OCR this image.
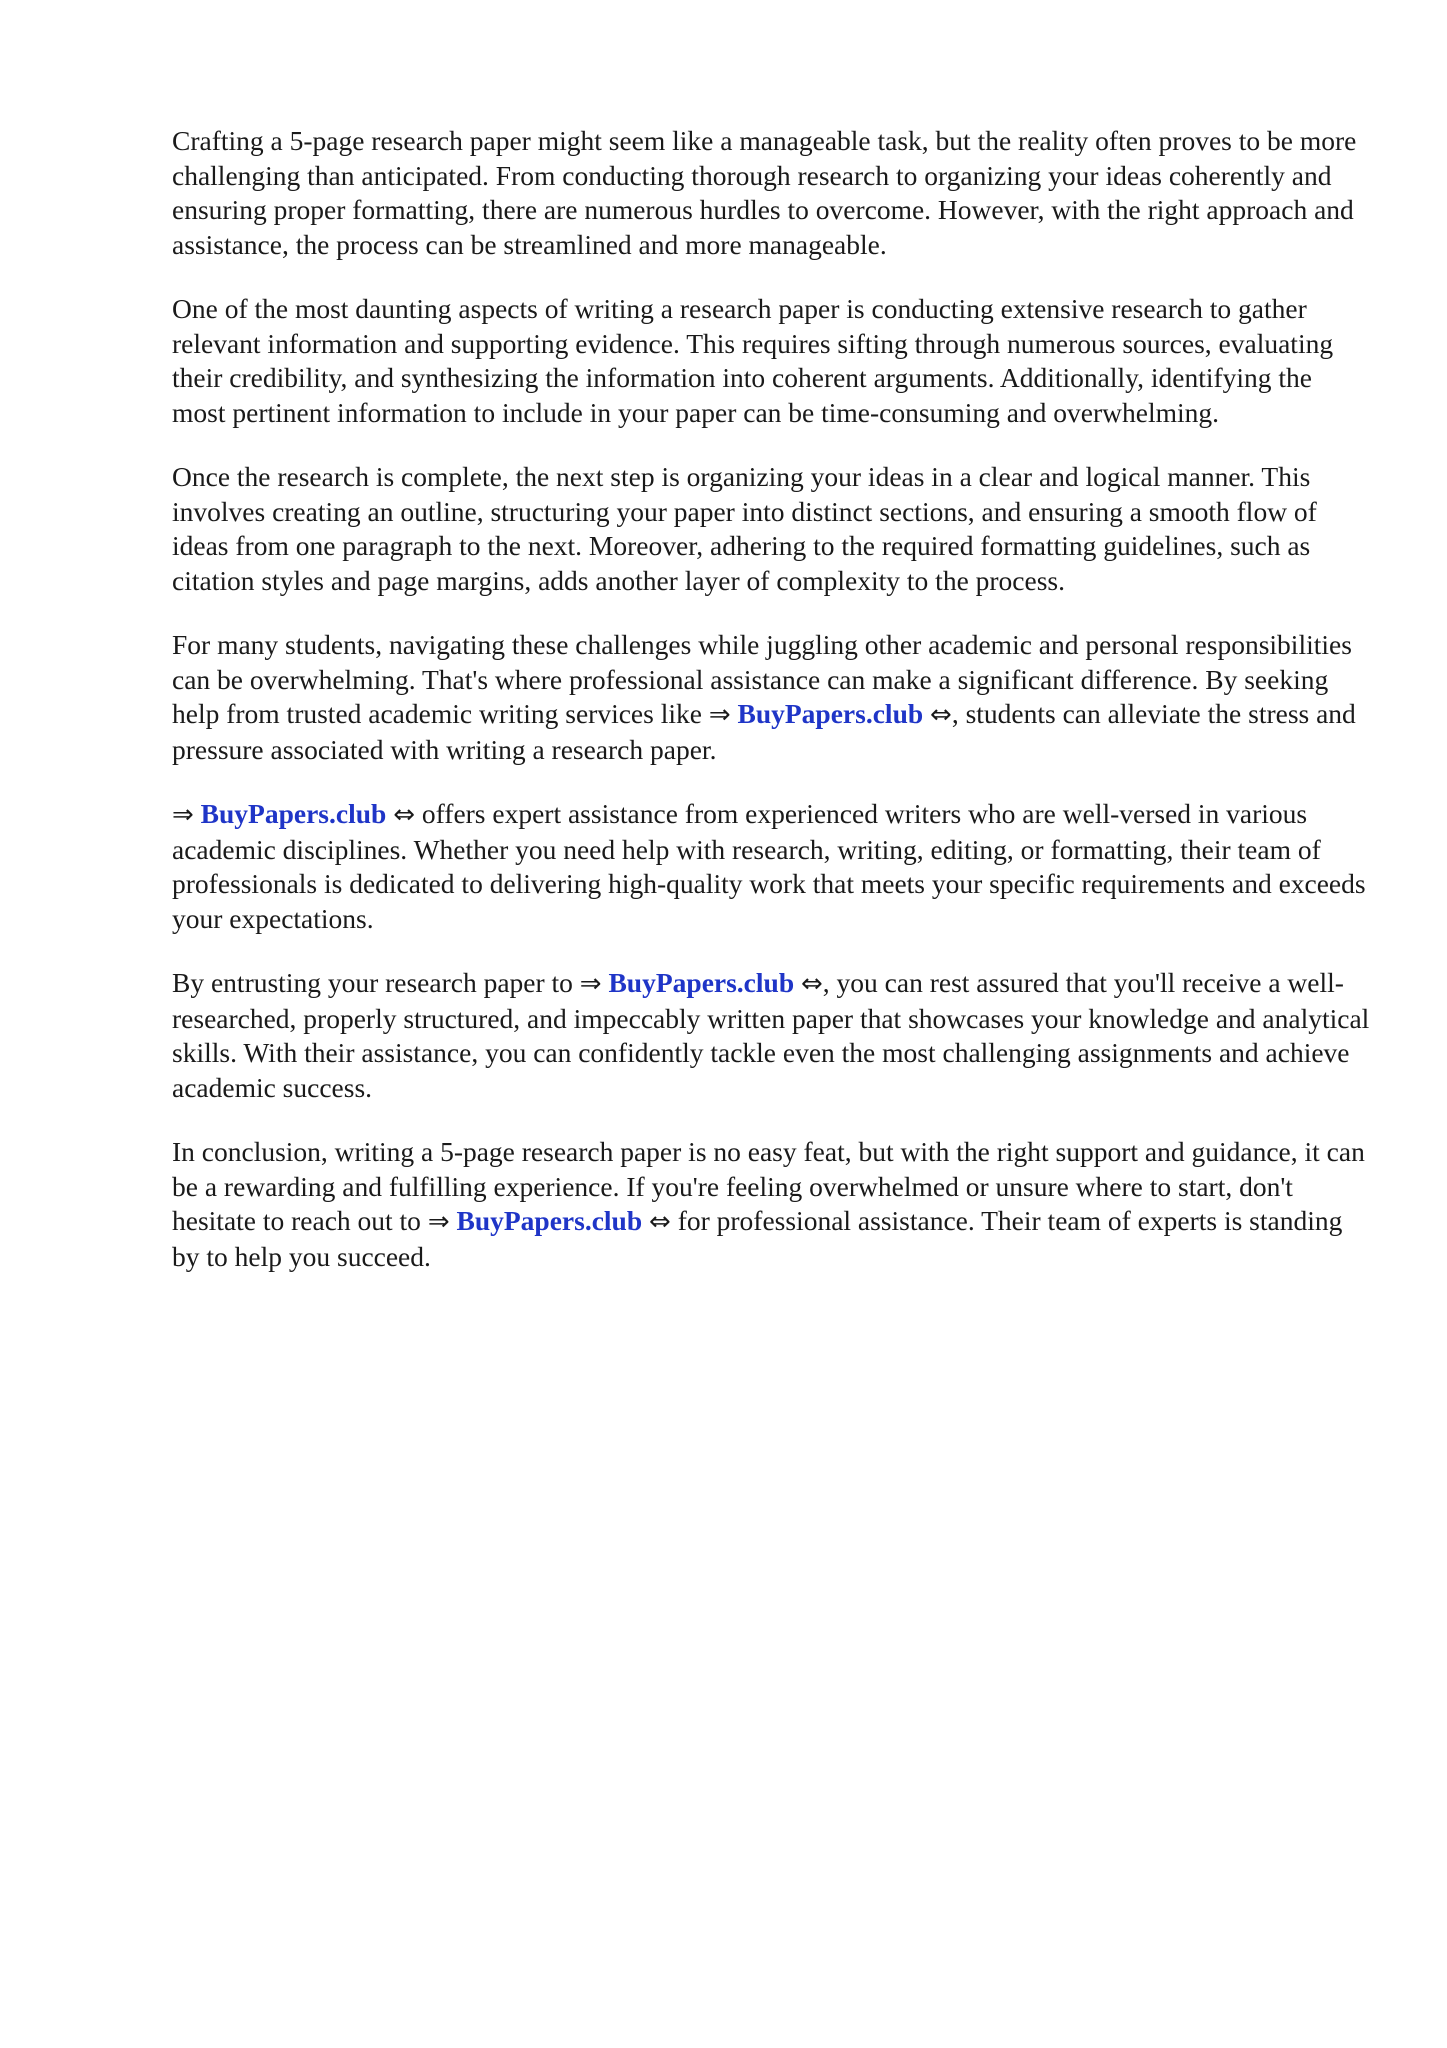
Crafting a 5-page research paper might seem like a manageable task, but the reality often proves to be more challenging than anticipated. From conducting thorough research to organizing your ideas coherently and ensuring proper formatting, there are numerous hurdles to overcome. However, with the right approach and assistance, the process can be streamlined and more manageable.

One of the most daunting aspects of writing a research paper is conducting extensive research to gather relevant information and supporting evidence. This requires sifting through numerous sources, evaluating their credibility, and synthesizing the information into coherent arguments. Additionally, identifying the most pertinent information to include in your paper can be time-consuming and overwhelming.

Once the research is complete, the next step is organizing your ideas in a clear and logical manner. This involves creating an outline, structuring your paper into distinct sections, and ensuring a smooth flow of ideas from one paragraph to the next. Moreover, adhering to the required formatting guidelines, such as citation styles and page margins, adds another layer of complexity to the process.

For many students, navigating these challenges while juggling other academic and personal responsibilities can be overwhelming. That's where professional assistance can make a significant difference. By seeking help from trusted academic writing services like ⇒ BuyPapers.club ⇔, students can alleviate the stress and pressure associated with writing a research paper.

⇒ BuyPapers.club ⇔ offers expert assistance from experienced writers who are well-versed in various academic disciplines. Whether you need help with research, writing, editing, or formatting, their team of professionals is dedicated to delivering high-quality work that meets your specific requirements and exceeds your expectations.

By entrusting your research paper to ⇒ BuyPapers.club ⇔, you can rest assured that you'll receive a well-researched, properly structured, and impeccably written paper that showcases your knowledge and analytical skills. With their assistance, you can confidently tackle even the most challenging assignments and achieve academic success.

In conclusion, writing a 5-page research paper is no easy feat, but with the right support and guidance, it can be a rewarding and fulfilling experience. If you're feeling overwhelmed or unsure where to start, don't hesitate to reach out to ⇒ BuyPapers.club ⇔ for professional assistance. Their team of experts is standing by to help you succeed.
